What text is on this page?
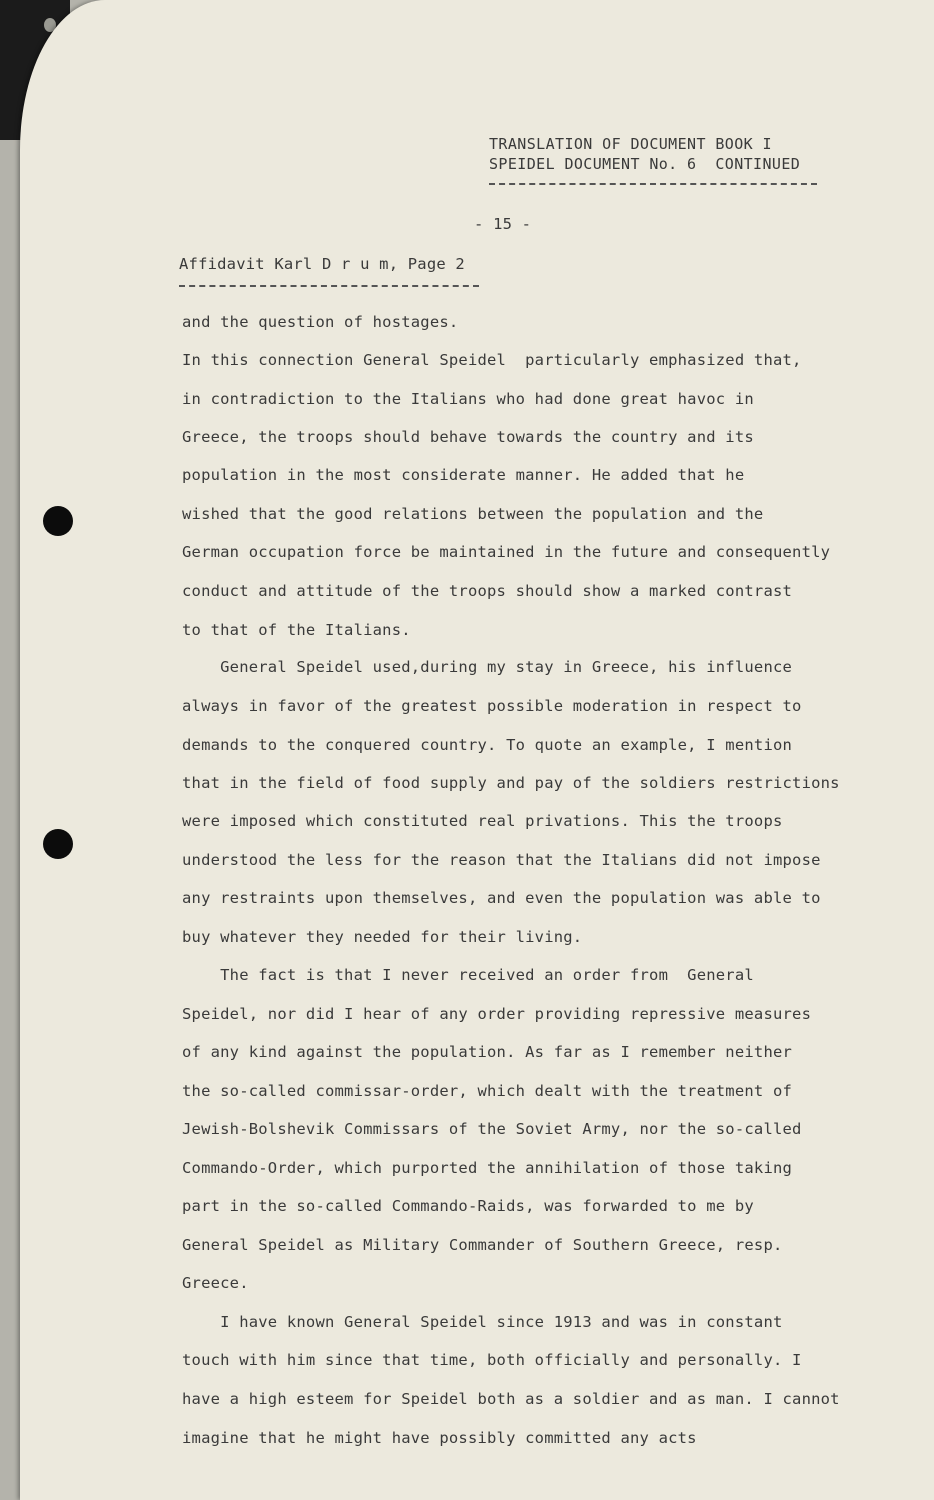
TRANSLATION OF DOCUMENT BOOK I
SPEIDEL DOCUMENT No. 6  CONTINUED
- 15 -
Affidavit Karl D r u m, Page 2
and the question of hostages.
In this connection General Speidel  particularly emphasized that,
in contradiction to the Italians who had done great havoc in
Greece, the troops should behave towards the country and its
population in the most considerate manner. He added that he
wished that the good relations between the population and the
German occupation force be maintained in the future and consequently
conduct and attitude of the troops should show a marked contrast
to that of the Italians.
General Speidel used,during my stay in Greece, his influence
always in favor of the greatest possible moderation in respect to
demands to the conquered country. To quote an example, I mention
that in the field of food supply and pay of the soldiers restrictions
were imposed which constituted real privations. This the troops
understood the less for the reason that the Italians did not impose
any restraints upon themselves, and even the population was able to
buy whatever they needed for their living.
The fact is that I never received an order from  General
Speidel, nor did I hear of any order providing repressive measures
of any kind against the population. As far as I remember neither
the so-called commissar-order, which dealt with the treatment of
Jewish-Bolshevik Commissars of the Soviet Army, nor the so-called
Commando-Order, which purported the annihilation of those taking
part in the so-called Commando-Raids, was forwarded to me by
General Speidel as Military Commander of Southern Greece, resp.
Greece.
I have known General Speidel since 1913 and was in constant
touch with him since that time, both officially and personally. I
have a high esteem for Speidel both as a soldier and as man. I cannot
imagine that he might have possibly committed any acts
